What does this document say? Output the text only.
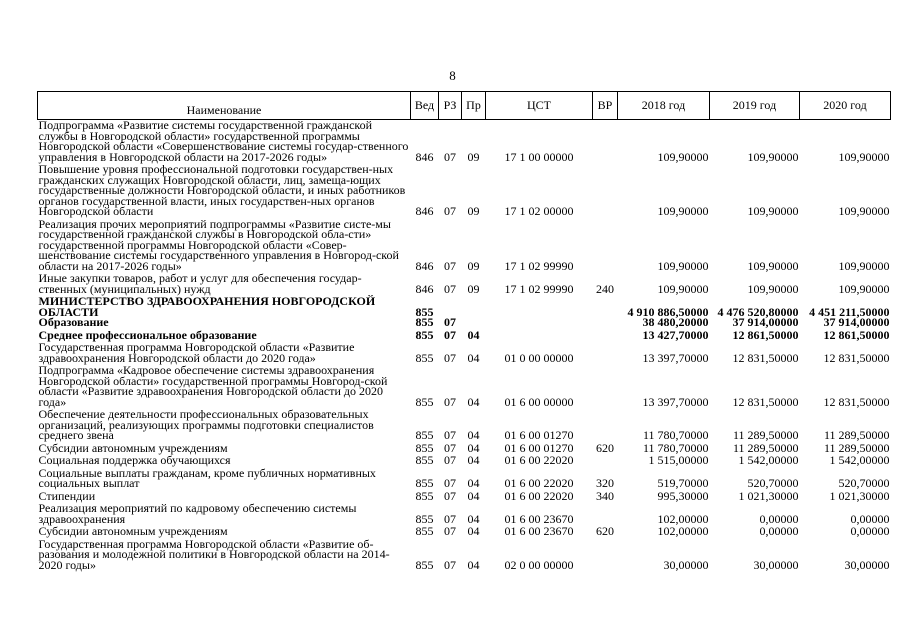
8
Наименование	Вед	РЗ	Пр	ЦСТ	ВР	2018 год	2019 год	2020 год
Подпрограмма «Развитие системы государственной гражданской службы в Новгородской области» государственной программы Новгородской области «Совершенствование системы государ-ственного управления в Новгородской области на 2017-2026 годы»	846	07	09	17 1 00 00000		109,90000	109,90000	109,90000
Повышение уровня профессиональной подготовки государствен-ных гражданских служащих Новгородской области, лиц, замеща-ющих государственные должности Новгородской области, и иных работников органов государственной власти, иных государствен-ных органов Новгородской области	846	07	09	17 1 02 00000		109,90000	109,90000	109,90000
Реализация прочих мероприятий подпрограммы «Развитие систе-мы государственной гражданской службы в Новгородской обла-сти» государственной программы Новгородской области «Совер-шенствование системы государственного управления в Новгород-ской области на 2017-2026 годы»	846	07	09	17 1 02 99990		109,90000	109,90000	109,90000
Иные закупки товаров, работ и услуг для обеспечения государ-ственных (муниципальных) нужд	846	07	09	17 1 02 99990	240	109,90000	109,90000	109,90000
МИНИСТЕРСТВО ЗДРАВООХРАНЕНИЯ НОВГОРОДСКОЙ ОБЛАСТИ	855					4 910 886,50000	4 476 520,80000	4 451 211,50000
Образование	855	07				38 480,20000	37 914,00000	37 914,00000
Среднее профессиональное образование	855	07	04			13 427,70000	12 861,50000	12 861,50000
Государственная программа Новгородской области «Развитие здравоохранения Новгородской области до 2020 года»	855	07	04	01 0 00 00000		13 397,70000	12 831,50000	12 831,50000
Подпрограмма «Кадровое обеспечение системы здравоохранения Новгородской области» государственной программы Новгород-ской области «Развитие здравоохранения Новгородской области до 2020 года»	855	07	04	01 6 00 00000		13 397,70000	12 831,50000	12 831,50000
Обеспечение деятельности профессиональных образовательных организаций, реализующих программы подготовки специалистов среднего звена	855	07	04	01 6 00 01270		11 780,70000	11 289,50000	11 289,50000
Субсидии автономным учреждениям	855	07	04	01 6 00 01270	620	11 780,70000	11 289,50000	11 289,50000
Социальная поддержка обучающихся	855	07	04	01 6 00 22020		1 515,00000	1 542,00000	1 542,00000
Социальные выплаты гражданам, кроме публичных нормативных социальных выплат	855	07	04	01 6 00 22020	320	519,70000	520,70000	520,70000
Стипендии	855	07	04	01 6 00 22020	340	995,30000	1 021,30000	1 021,30000
Реализация мероприятий по кадровому обеспечению системы здравоохранения	855	07	04	01 6 00 23670		102,00000	0,00000	0,00000
Субсидии автономным учреждениям	855	07	04	01 6 00 23670	620	102,00000	0,00000	0,00000
Государственная программа Новгородской области «Развитие об-разования и молодежной политики в Новгородской области на 2014-2020 годы»	855	07	04	02 0 00 00000		30,00000	30,00000	30,00000
